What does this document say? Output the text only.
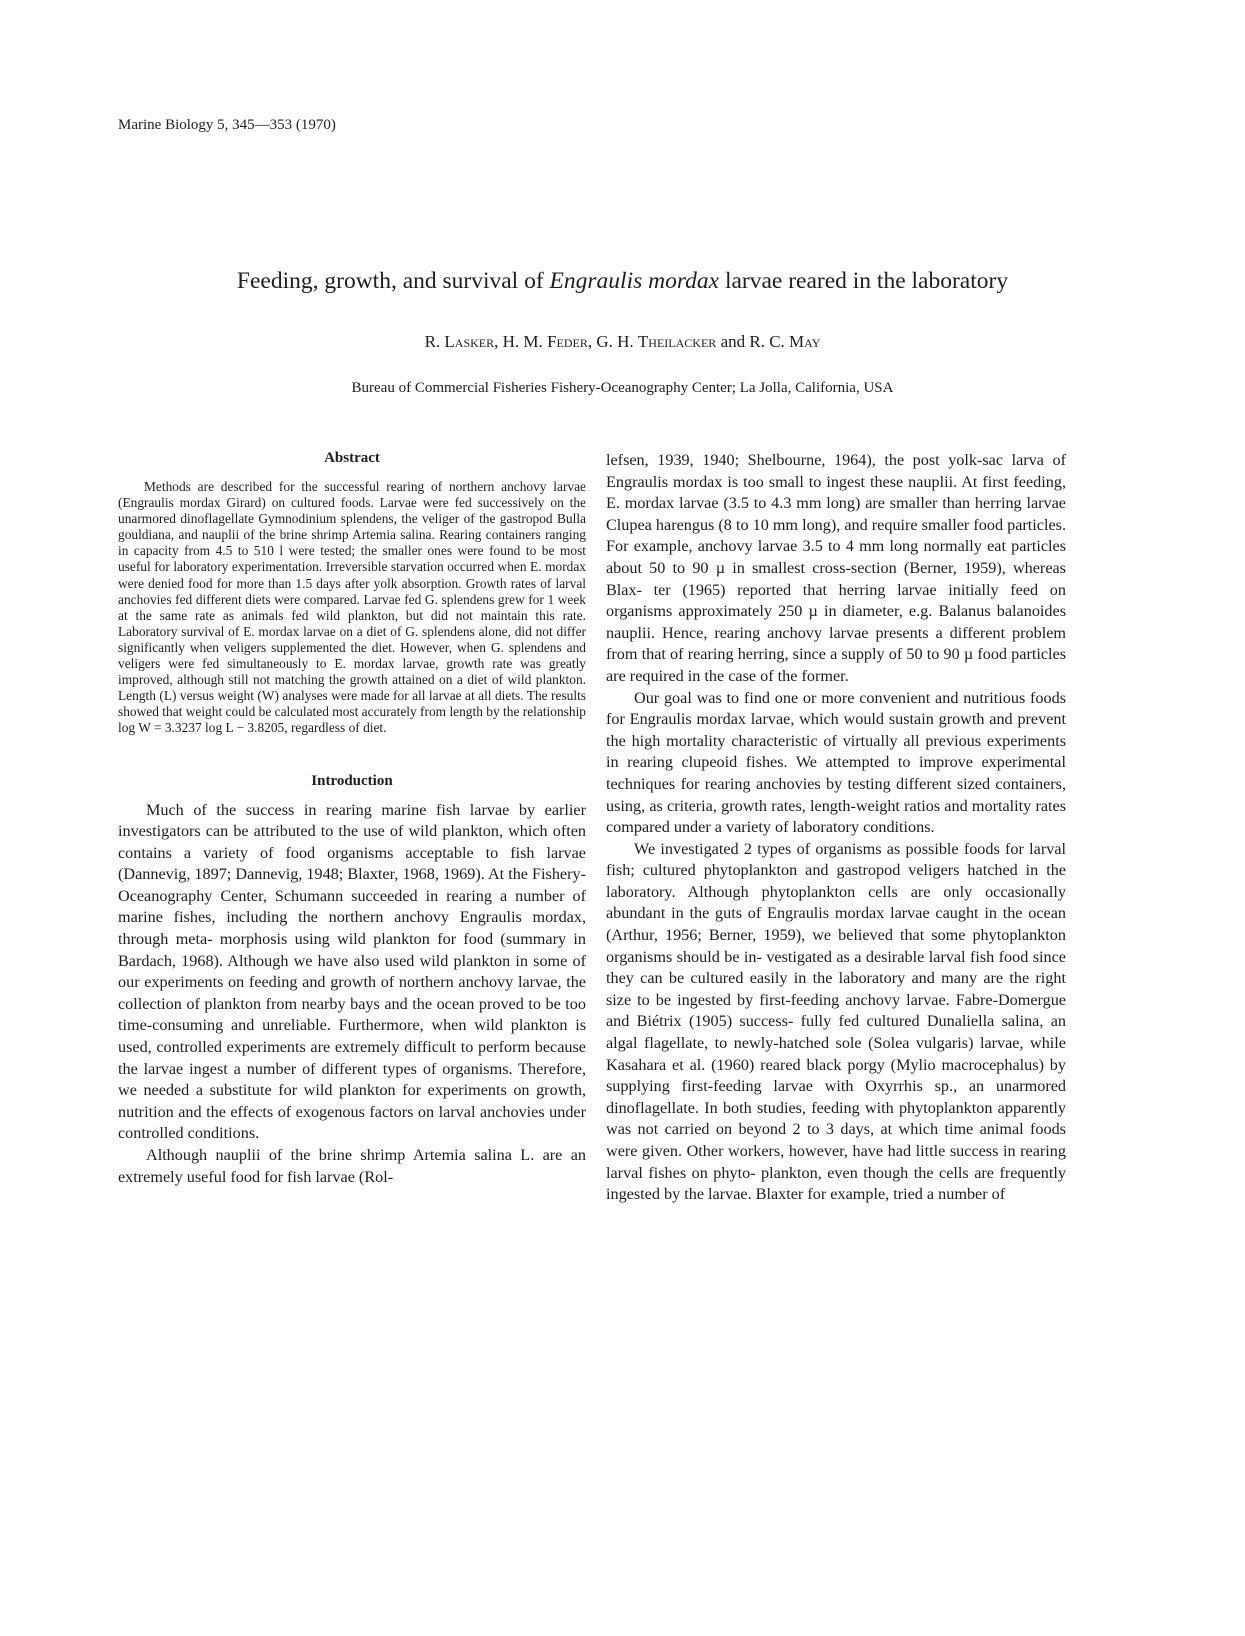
Marine Biology 5, 345—353 (1970)
Feeding, growth, and survival of Engraulis mordax larvae reared in the laboratory
R. Lasker, H. M. Feder, G. H. Theilacker and R. C. May
Bureau of Commercial Fisheries Fishery-Oceanography Center; La Jolla, California, USA
Abstract

Methods are described for the successful rearing of northern anchovy larvae (Engraulis mordax Girard) on cultured foods. Larvae were fed successively on the unarmored dinoflagellate Gymnodinium splendens, the veliger of the gastropod Bulla gouldiana, and nauplii of the brine shrimp Artemia salina. Rearing containers ranging in capacity from 4.5 to 510 l were tested; the smaller ones were found to be most useful for laboratory experimentation. Irreversible starvation occurred when E. mordax were denied food for more than 1.5 days after yolk absorption. Growth rates of larval anchovies fed different diets were compared. Larvae fed G. splendens grew for 1 week at the same rate as animals fed wild plankton, but did not maintain this rate. Laboratory survival of E. mordax larvae on a diet of G. splendens alone, did not differ significantly when veligers supplemented the diet. However, when G. splendens and veligers were fed simultaneously to E. mordax larvae, growth rate was greatly improved, although still not matching the growth attained on a diet of wild plankton. Length (L) versus weight (W) analyses were made for all larvae at all diets. The results showed that weight could be calculated most accurately from length by the relationship log W = 3.3237 log L − 3.8205, regardless of diet.

Introduction

Much of the success in rearing marine fish larvae by earlier investigators can be attributed to the use of wild plankton, which often contains a variety of food organisms acceptable to fish larvae (Dannevig, 1897; Dannevig, 1948; Blaxter, 1968, 1969). At the Fishery-Oceanography Center, Schumann succeeded in rearing a number of marine fishes, including the northern anchovy Engraulis mordax, through meta- morphosis using wild plankton for food (summary in Bardach, 1968). Although we have also used wild plankton in some of our experiments on feeding and growth of northern anchovy larvae, the collection of plankton from nearby bays and the ocean proved to be too time-consuming and unreliable. Furthermore, when wild plankton is used, controlled experiments are extremely difficult to perform because the larvae ingest a number of different types of organisms. Therefore, we needed a substitute for wild plankton for experiments on growth, nutrition and the effects of exogenous factors on larval anchovies under controlled conditions.

Although nauplii of the brine shrimp Artemia salina L. are an extremely useful food for fish larvae (Rol-

lefsen, 1939, 1940; Shelbourne, 1964), the post yolk-sac larva of Engraulis mordax is too small to ingest these nauplii. At first feeding, E. mordax larvae (3.5 to 4.3 mm long) are smaller than herring larvae Clupea harengus (8 to 10 mm long), and require smaller food particles. For example, anchovy larvae 3.5 to 4 mm long normally eat particles about 50 to 90 µ in smallest cross-section (Berner, 1959), whereas Blax- ter (1965) reported that herring larvae initially feed on organisms approximately 250 µ in diameter, e.g. Balanus balanoides nauplii. Hence, rearing anchovy larvae presents a different problem from that of rearing herring, since a supply of 50 to 90 µ food particles are required in the case of the former.

Our goal was to find one or more convenient and nutritious foods for Engraulis mordax larvae, which would sustain growth and prevent the high mortality characteristic of virtually all previous experiments in rearing clupeoid fishes. We attempted to improve experimental techniques for rearing anchovies by testing different sized containers, using, as criteria, growth rates, length-weight ratios and mortality rates compared under a variety of laboratory conditions.

We investigated 2 types of organisms as possible foods for larval fish; cultured phytoplankton and gastropod veligers hatched in the laboratory. Although phytoplankton cells are only occasionally abundant in the guts of Engraulis mordax larvae caught in the ocean (Arthur, 1956; Berner, 1959), we believed that some phytoplankton organisms should be in- vestigated as a desirable larval fish food since they can be cultured easily in the laboratory and many are the right size to be ingested by first-feeding anchovy larvae. Fabre-Domergue and Biétrix (1905) success- fully fed cultured Dunaliella salina, an algal flagellate, to newly-hatched sole (Solea vulgaris) larvae, while Kasahara et al. (1960) reared black porgy (Mylio macrocephalus) by supplying first-feeding larvae with Oxyrrhis sp., an unarmored dinoflagellate. In both studies, feeding with phytoplankton apparently was not carried on beyond 2 to 3 days, at which time animal foods were given. Other workers, however, have had little success in rearing larval fishes on phyto- plankton, even though the cells are frequently ingested by the larvae. Blaxter for example, tried a number of
